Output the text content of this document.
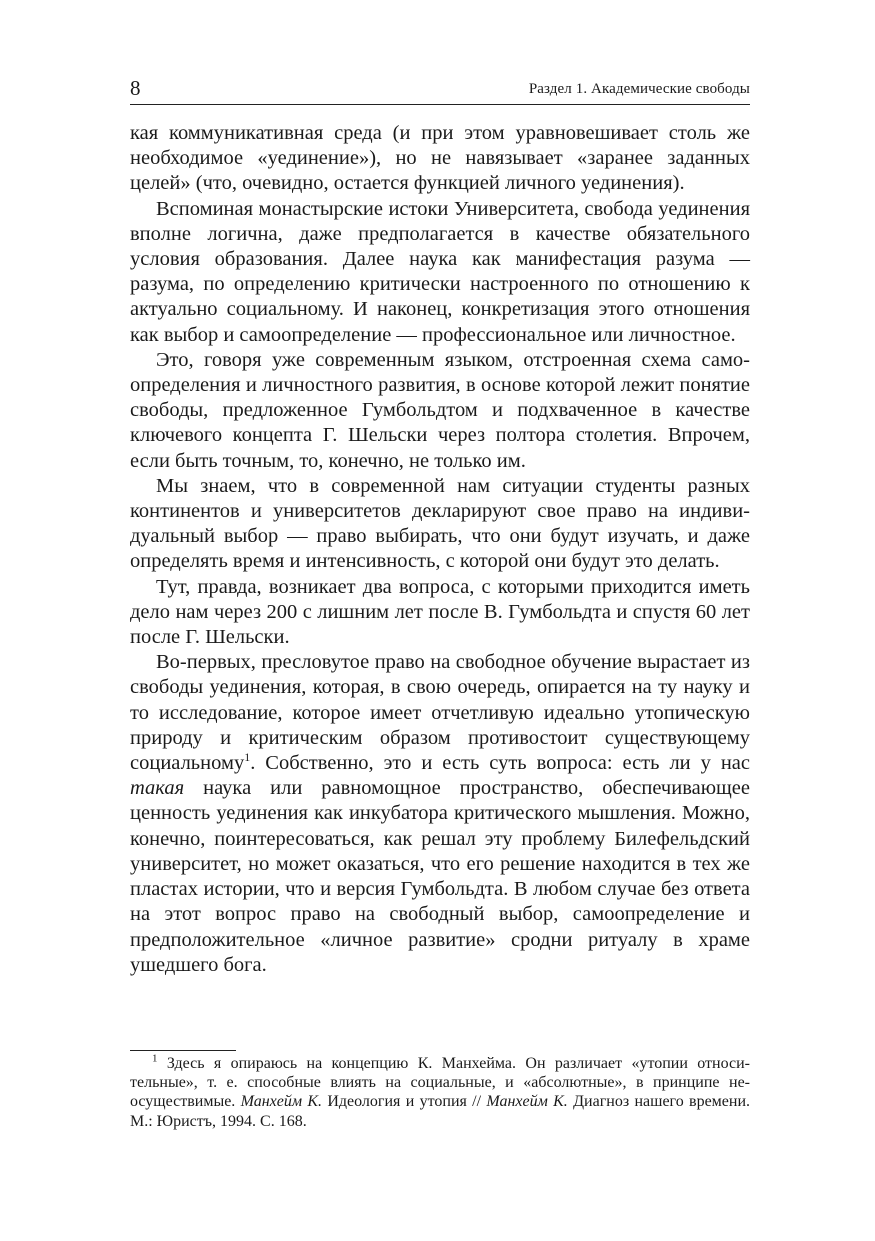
8	Раздел 1. Академические свободы

кая коммуникативная среда (и при этом уравновешивает столь же необходимое «уединение»), но не навязывает «заранее заданных целей» (что, очевидно, остается функцией личного уединения).

Вспоминая монастырские истоки Университета, свобода уединения вполне логична, даже предполагается в качестве обязательного условия образования. Далее наука как манифестация разума — разума, по определению критически настроенного по отношению к актуально социальному. И наконец, конкретизация этого отношения как выбор и самоопределение — профессиональное или личностное.

Это, говоря уже современным языком, отстроенная схема самоопределения и личностного развития, в основе которой лежит понятие свободы, предложенное Гумбольдтом и подхваченное в качестве ключевого концепта Г. Шельски через полтора столетия. Впрочем, если быть точным, то, конечно, не только им.

Мы знаем, что в современной нам ситуации студенты разных континентов и университетов декларируют свое право на индивидуальный выбор — право выбирать, что они будут изучать, и даже определять время и интенсивность, с которой они будут это делать.

Тут, правда, возникает два вопроса, с которыми приходится иметь дело нам через 200 с лишним лет после В. Гумбольдта и спустя 60 лет после Г. Шельски.

Во-первых, пресловутое право на свободное обучение вырастает из свободы уединения, которая, в свою очередь, опирается на ту науку и то исследование, которое имеет отчетливую идеально утопическую природу и критическим образом противостоит существующему социальному$^1$. Собственно, это и есть суть вопроса: есть ли у нас такая наука или равномощное пространство, обеспечивающее ценность уединения как инкубатора критического мышления. Можно, конечно, поинтересоваться, как решал эту проблему Билефельдский университет, но может оказаться, что его решение находится в тех же пластах истории, что и версия Гумбольдта. В любом случае без ответа на этот вопрос право на свободный выбор, самоопределение и предположительное «личное развитие» сродни ритуалу в храме ушедшего бога.

$^1$ Здесь я опираюсь на концепцию К. Манхейма. Он различает «утопии относительные», т. е. способные влиять на социальные, и «абсолютные», в принципе неосуществимые. Манхейм К. Идеология и утопия // Манхейм К. Диагноз нашего времени. М.: Юристъ, 1994. С. 168.
